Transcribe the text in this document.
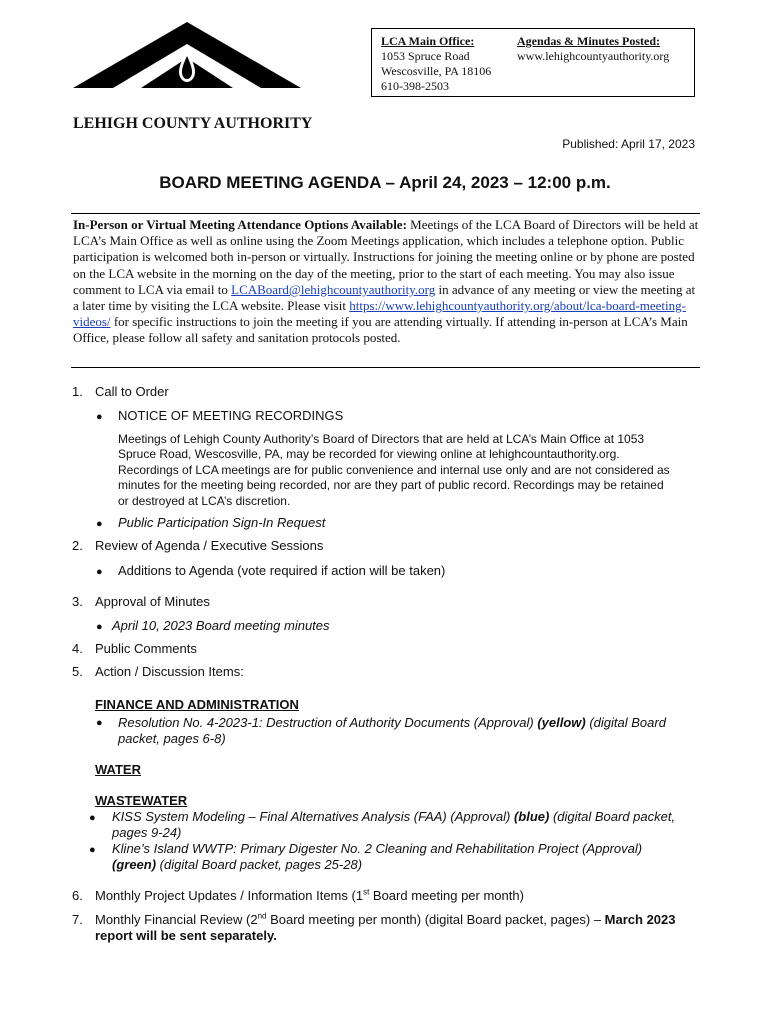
LCA Main Office:
1053 Spruce Road
Wescosville, PA 18106
610-398-2503
Agendas & Minutes Posted:
www.lehighcountyauthority.org
LEHIGH COUNTY AUTHORITY
Published: April 17, 2023
BOARD MEETING AGENDA – April 24, 2023 – 12:00 p.m.
In-Person or Virtual Meeting Attendance Options Available: Meetings of the LCA Board of Directors will be held at LCA’s Main Office as well as online using the Zoom Meetings application, which includes a telephone option. Public participation is welcomed both in-person or virtually. Instructions for joining the meeting online or by phone are posted on the LCA website in the morning on the day of the meeting, prior to the start of each meeting. You may also issue comment to LCA via email to LCABoard@lehighcountyauthority.org in advance of any meeting or view the meeting at a later time by visiting the LCA website. Please visit https://www.lehighcountyauthority.org/about/lca-board-meeting-videos/ for specific instructions to join the meeting if you are attending virtually. If attending in-person at LCA’s Main Office, please follow all safety and sanitation protocols posted.
1. Call to Order
● NOTICE OF MEETING RECORDINGS
Meetings of Lehigh County Authority’s Board of Directors that are held at LCA’s Main Office at 1053
Spruce Road, Wescosville, PA, may be recorded for viewing online at lehighcountauthority.org.
Recordings of LCA meetings are for public convenience and internal use only and are not considered as
minutes for the meeting being recorded, nor are they part of public record. Recordings may be retained
or destroyed at LCA’s discretion.
● Public Participation Sign-In Request
2. Review of Agenda / Executive Sessions
● Additions to Agenda (vote required if action will be taken)
3. Approval of Minutes
● April 10, 2023 Board meeting minutes
4. Public Comments
5. Action / Discussion Items:
FINANCE AND ADMINISTRATION
● Resolution No. 4-2023-1: Destruction of Authority Documents (Approval) (yellow) (digital Board
packet, pages 6-8)
WATER
WASTEWATER
● KISS System Modeling – Final Alternatives Analysis (FAA) (Approval) (blue) (digital Board packet,
pages 9-24)
● Kline’s Island WWTP: Primary Digester No. 2 Cleaning and Rehabilitation Project (Approval)
(green) (digital Board packet, pages 25-28)
6. Monthly Project Updates / Information Items (1st Board meeting per month)
7. Monthly Financial Review (2nd Board meeting per month) (digital Board packet, pages) – March 2023
report will be sent separately.
